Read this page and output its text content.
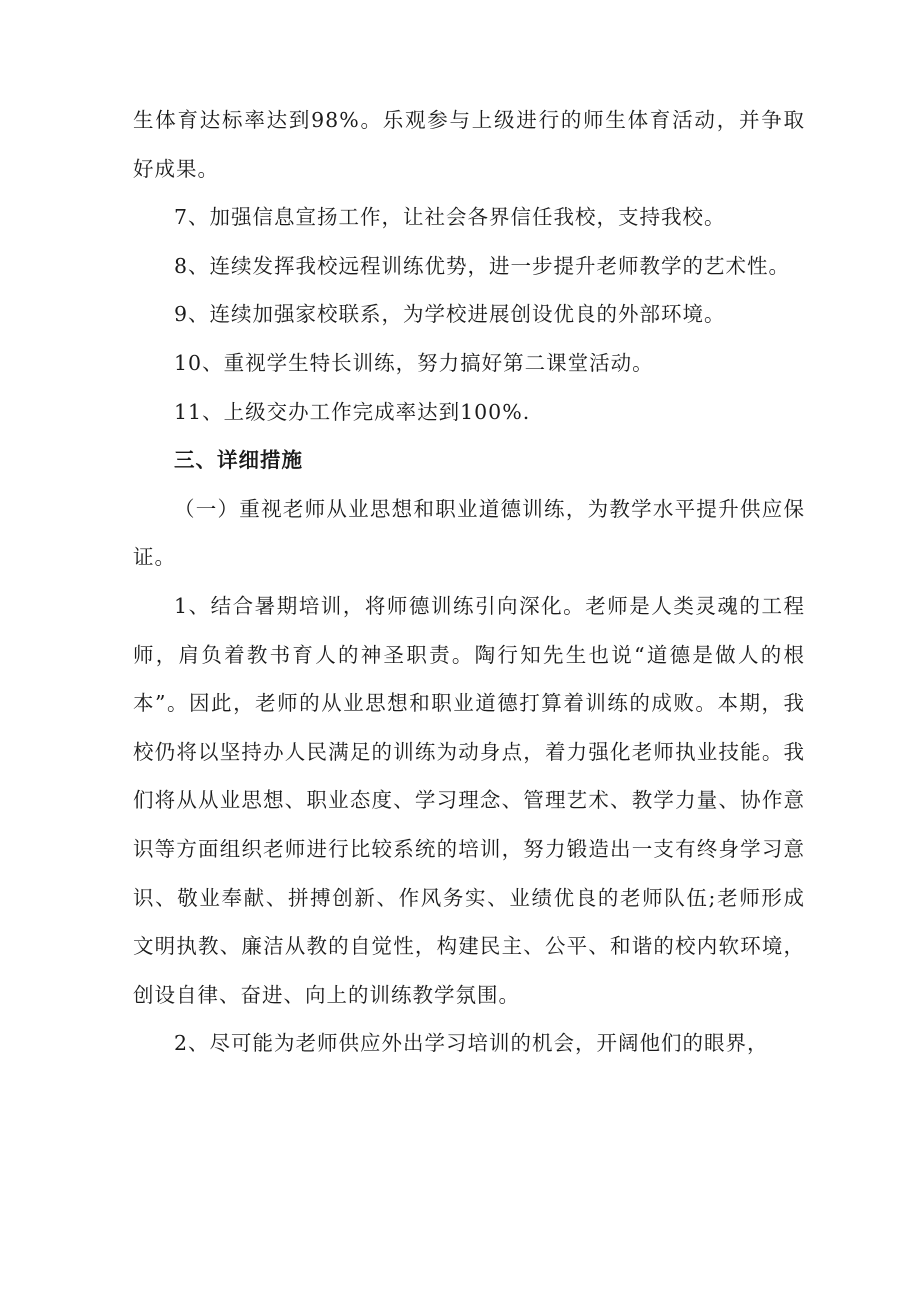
生体育达标率达到98%。乐观参与上级进行的师生体育活动，并争取好成果。

7、加强信息宣扬工作，让社会各界信任我校，支持我校。

8、连续发挥我校远程训练优势，进一步提升老师教学的艺术性。

9、连续加强家校联系，为学校进展创设优良的外部环境。

10、重视学生特长训练，努力搞好第二课堂活动。

11、上级交办工作完成率达到100%.

三、详细措施

（一）重视老师从业思想和职业道德训练，为教学水平提升供应保证。

1、结合暑期培训，将师德训练引向深化。老师是人类灵魂的工程师，肩负着教书育人的神圣职责。陶行知先生也说“道德是做人的根本”。因此，老师的从业思想和职业道德打算着训练的成败。本期，我校仍将以坚持办人民满足的训练为动身点，着力强化老师执业技能。我们将从从业思想、职业态度、学习理念、管理艺术、教学力量、协作意识等方面组织老师进行比较系统的培训，努力锻造出一支有终身学习意识、敬业奉献、拼搏创新、作风务实、业绩优良的老师队伍;老师形成文明执教、廉洁从教的自觉性，构建民主、公平、和谐的校内软环境，创设自律、奋进、向上的训练教学氛围。

2、尽可能为老师供应外出学习培训的机会，开阔他们的眼界，
